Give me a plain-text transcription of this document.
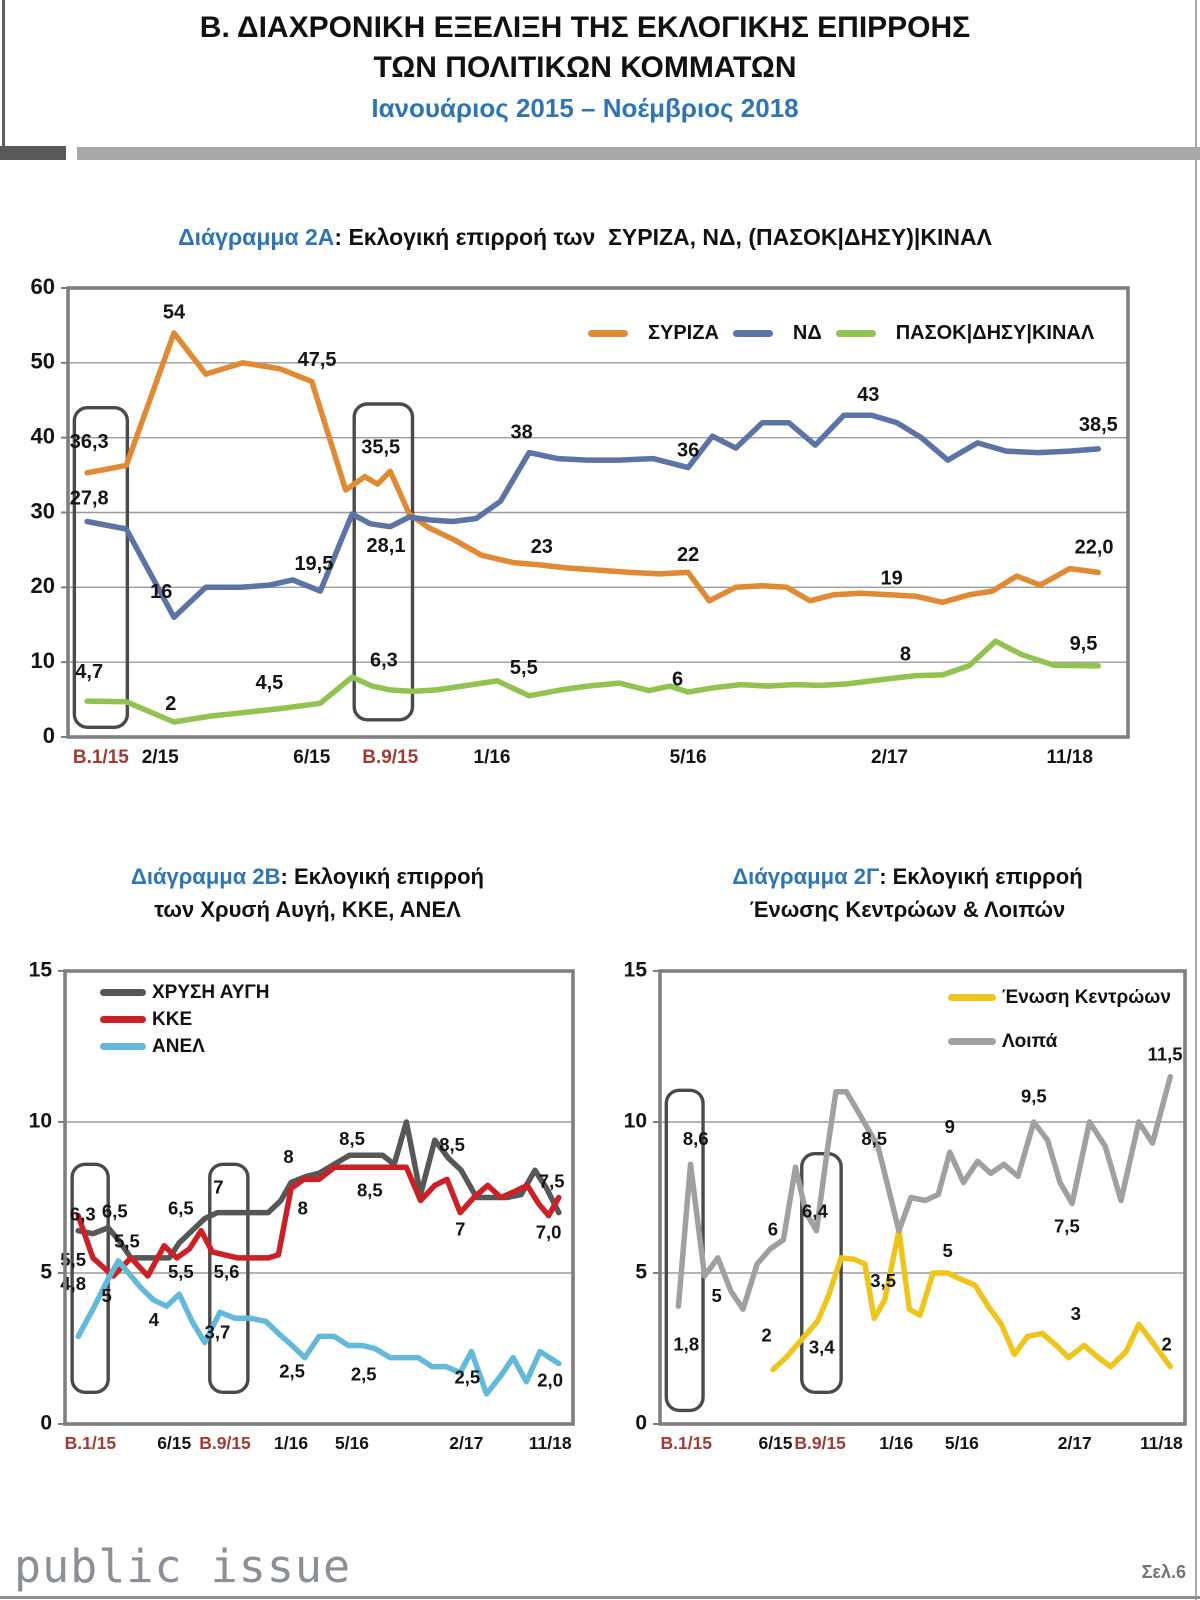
Β. ΔΙΑΧΡΟΝΙΚΗ ΕΞΕΛΙΞΗ ΤΗΣ ΕΚΛΟΓΙΚΗΣ ΕΠΙΡΡΟΗΣ
ΤΩΝ ΠΟΛΙΤΙΚΩΝ ΚΟΜΜΑΤΩΝ
Ιανουάριος 2015 – Νοέμβριος 2018
Διάγραμμα 2Α: Εκλογική επιρροή των  ΣΥΡΙΖΑ, ΝΔ, (ΠΑΣΟΚ|ΔΗΣΥ)|ΚΙΝΑΛ
ΣΥΡΙΖΑ	ΝΔ	ΠΑΣΟΚ|ΔΗΣΥ|ΚΙΝΑΛ
Διάγραμμα 2Β: Εκλογική επιρροή
των Χρυσή Αυγή, ΚΚΕ, ΑΝΕΛ
Διάγραμμα 2Γ: Εκλογική επιρροή
Ένωσης Κεντρώων & Λοιπών
ΧΡΥΣΗ ΑΥΓΗ
ΚΚΕ
ΑΝΕΛ
Ένωση Κεντρώων
Λοιπά
36,3
27,8
54
16
4,7
2
47,5
19,5
4,5
35,5
28,1
6,3
38
23
5,5
36
22
6
43
19
8
38,5
22,0
9,5
0
10
20
30
40
50
60
Β.1/15 2/15	6/15 Β.9/15	1/16	5/16	2/17	11/18
6,3 6,5
5,5
4,8
5
5,5
6,5
7
5,5 5,6
4
3,7
8
8
8,5
8,5
8,5
7
7,5
7,0
2,5 2,5	2,5	2,0
0
5
10
15
Β.1/15 6/15 Β.9/15 1/16 5/16	2/17	11/18
8,6
1,8
5
6
2
6,4
3,4
8,5
3,5
9
5
9,5
7,5
3
11,5
2
0
5
10
15
Β.1/15	6/15 Β.9/15 1/16 5/16	2/17	11/18
public issue	Σελ.6
